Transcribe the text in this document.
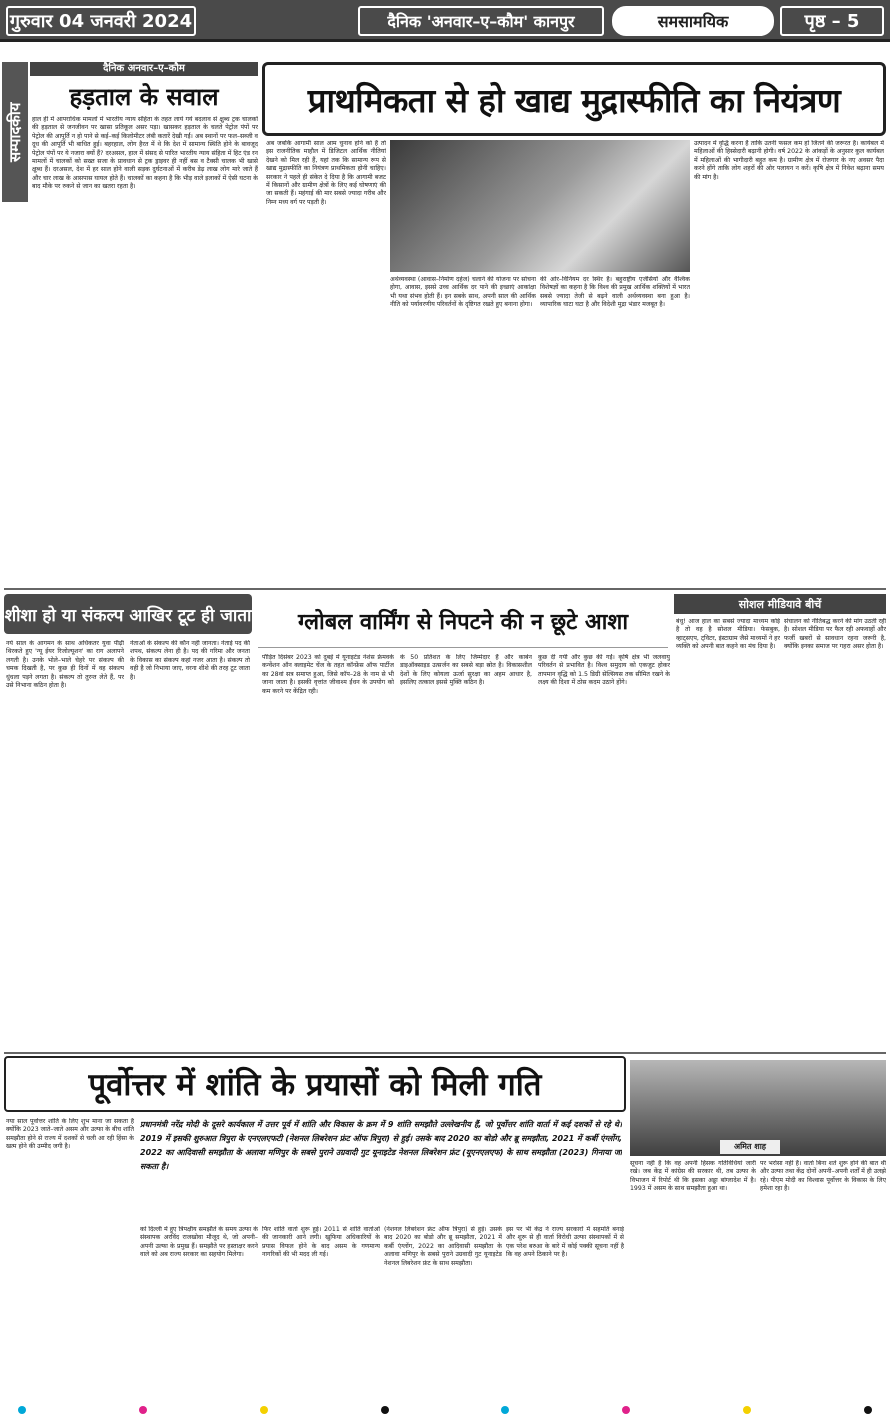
गुरुवार 04 जनवरी 2024	दैनिक 'अनवार–ए–कौम' कानपुर	समसामयिक	पृष्ठ – 5
सम्पादकीय
दैनिक अनवार–ए–कौम
हड़ताल के सवाल
हाल ही में आपराधिक मामलों में भारतीय न्याय संहिता के तहत लाये गये बदलाव से क्षुब्ध ट्रक चालकों की हड़ताल से जनजीवन पर खासा प्रतिकूल असर पड़ा। खासकर हड़ताल के चलते पेट्रोल पंपों पर पेट्रोल की आपूर्ति न हो पाने से कई–कई किलोमीटर लंबी कतारें देखी गईं। अब स्थानों पर फल–सब्जी व दूध की आपूर्ति भी बाधित हुई। बहरहाल, लोग हैरत में थे कि देश में सामान्य स्थिति होने के बावजूद पेट्रोल पंपों पर ये नजारा क्यों हैं? दरअसल, हाल में संसद से पारित भारतीय न्याय संहिता में हिट एंड रन मामलों में चालकों को सख्त सजा के प्रावधान से ट्रक ड्राइवर ही नहीं बस व टैक्सी चालक भी खासे क्षुब्ध हैं। दरअसल, देश में हर साल होने वाली सड़क दुर्घटनाओं में करीब डेढ़ लाख लोग मारे जाते हैं और चार लाख के आसपास घायल होते हैं। चालकों का कहना है कि भीड़ वाले इलाकों में ऐसी घटना के बाद मौके पर रुकने से जान का खतरा रहता है।
प्राथमिकता से हो खाद्य मुद्रास्फीति का नियंत्रण
अब जबकि आगामी साल आम चुनाव होने को है तो इस राजनीतिक माहौल में डिजिटल आर्थिक नीतियां देखने को मिल रही हैं, यहां तक कि सामान्य रूप से खाद्य मुद्रास्फीति का नियंत्रण प्राथमिकता होनी चाहिए। सरकार ने पहले ही संकेत दे दिया है कि आगामी बजट में किसानों और ग्रामीण क्षेत्रों के लिए कई घोषणाएं की जा सकती हैं। महंगाई की मार सबसे ज्यादा गरीब और निम्न मध्य वर्ग पर पड़ती है।
अर्थव्यवस्था (आवास–निर्माण दहेज) चलाने की योजना पर सोचना होगा, आवास, इससे उच्च आर्थिक दर पाने की इच्छाएं आकांक्षा भी यथा संभव होती हैं। इन सबके साथ, अपनी साल की आर्थिक नीति को पर्यावरणीय परिवर्तनों के दृष्टिगत रखते हुए बनाना होगा।
की ओर–विनियम दर स्थिर है। बहुराष्ट्रीय एजेंसियों और वैश्विक विशेषज्ञों का कहना है कि विश्व की प्रमुख आर्थिक शक्तियों में भारत सबसे ज्यादा तेजी से बढ़ने वाली अर्थव्यवस्था बना हुआ है। व्यापारिक घाटा घटा है और विदेशी मुद्रा भंडार मजबूत है।
उत्पादन में वृद्धि करना है ताकि उतनी फसल कम हो जितने की जरूरत है। कार्यबल में महिलाओं की हिस्सेदारी बढ़ानी होगी। वर्ष 2022 के आंकड़ों के अनुसार कुल कार्यबल में महिलाओं की भागीदारी बहुत कम है। ग्रामीण क्षेत्र में रोजगार के नए अवसर पैदा करने होंगे ताकि लोग शहरों की ओर पलायन न करें। कृषि क्षेत्र में निवेश बढ़ाना समय की मांग है।
शीशा हो या संकल्प आखिर टूट ही जाता
नये साल के आगमन के साथ अधिकतर युवा पीढ़ी थिरकते हुए 'न्यू ईयर रिजोल्यूशन' का राग अलापने लगती है। उनके भोले–भाले चेहरे पर संकल्प की चमक दिखती है, पर कुछ ही दिनों में वह संकल्प धुंधला पड़ने लगता है। संकल्प तो तुरन्त लेते हैं, पर उसे निभाना कठिन होता है।
नेताओं के संकल्प की कौन नहीं जानता। नेताई पद की शपथ, संकल्प लेना ही है। पद की गरिमा और जनता के विकास का संकल्प कहां नजर आता है। संकल्प तो वही है जो निभाया जाए, वरना शीशे की तरह टूट जाता है।
ग्लोबल वार्मिंग से निपटने की न छूटे आशा
पौड़ित दिसंबर 2023 को दुबई में यूनाइटेड नेशंस फ्रेमवर्क कन्वेंशन ऑन क्लाइमेट चेंज के तहत कॉन्फ्रेंस ऑफ पार्टीज का 28वां सत्र समाप्त हुआ, जिसे कॉप–28 के नाम से भी जाना जाता है। इसकी वृत्तांत जीवाश्म ईंधन के उपयोग को कम करने पर केंद्रित रही।
के 50 प्रतिशत के लिए जिम्मेदार हैं और कार्बन डाइऑक्साइड उत्सर्जन का सबसे बड़ा स्रोत है। विकासशील देशों के लिए कोयला ऊर्जा सुरक्षा का अहम आधार है, इसलिए तत्काल इससे मुक्ति कठिन है।
कुछ दी गयी और कुछ की गईं। कृषि क्षेत्र भी जलवायु परिवर्तन से प्रभावित है। विश्व समुदाय को एकजुट होकर तापमान वृद्धि को 1.5 डिग्री सेल्सियस तक सीमित रखने के लक्ष्य की दिशा में ठोस कदम उठाने होंगे।
सोशल मीडियावे बीचें
बंधु! आज हाल का सबसे ज्यादा माध्यम कोई है तो वह है सोशल मीडिया। फेसबुक, व्हाट्सएप, ट्विटर, इंस्टाग्राम जैसे माध्यमों ने हर व्यक्ति को अपनी बात कहने का मंच दिया है।
संचालन को नीतिबद्ध करने की मांग उठती रही है। सोशल मीडिया पर फैल रही अफवाहों और फर्जी खबरों से सावधान रहना जरूरी है, क्योंकि इनका समाज पर गहरा असर होता है।
पूर्वोत्तर में शांति के प्रयासों को मिली गति
प्रधानमंत्री नरेंद्र मोदी के दूसरे कार्यकाल में उत्तर पूर्व में शांति और विकास के क्रम में 9 शांति समझौते उल्लेखनीय हैं, जो पूर्वोत्तर शांति वार्ता में कई दशकों से रहे थे। 2019 में इसकी शुरुआत त्रिपुरा के एनएलएफटी (नेशनल लिबरेशन फ्रंट ऑफ त्रिपुरा) से हुई। उसके बाद 2020 का बोडो और ब्रू समझौता, 2021 में कर्बी एंग्लोंग, 2022 का आदिवासी समझौता के अलावा मणिपुर के सबसे पुराने उग्रवादी गुट यूनाइटेड नेशनल लिबरेशन फ्रंट (यूएनएलएफ) के साथ समझौता (2023) गिनाया जा सकता है।
नया साल पूर्वोत्तर शांति के लिए शुभ माना जा सकता है क्योंकि 2023 जाते–जाते असम और उल्फा के बीच शांति समझौता होने से राज्य में दशकों से चली आ रही हिंसा के खत्म होने की उम्मीद जगी है।
को दिल्ली में हुए त्रिपक्षीय समझौते के समय उल्फा के संस्थापक अरविंद राजखोवा मौजूद थे, जो अपनी–अपनी उल्फा के प्रमुख हैं। समझौते पर हस्ताक्षर करने वाले को अब राज्य सरकार का सहयोग मिलेगा।
फिर शांति वार्ता शुरू हुई। 2011 से शांति वार्ताओं की जानकारी आने लगी। खुफिया अधिकारियों के प्रयास विफल होने के बाद असम के गणमान्य नागरिकों की भी मदद ली गई।
(नेशनल लिबरेशन फ्रंट ऑफ त्रिपुरा) से हुई। उसके बाद 2020 का बोडो और ब्रू समझौता, 2021 में कर्बी एंग्लोंग, 2022 का आदिवासी समझौता के अलावा मणिपुर के सबसे पुराने उग्रवादी गुट यूनाइटेड नेशनल लिबरेशन फ्रंट के साथ समझौता।
इस पर भी केंद्र ने राज्य सरकारों में सहमति बनाई और शुरू से ही वार्ता विरोधी उल्फा संस्थापकों में से एक परेश बरुआ के बारे में कोई पक्की सूचना नहीं है कि वह अपने ठिकाने पर है।
अमित शाह
सूचना नहीं है कि वह अपनी हिंसक गतिविधियां जारी रखे। जब केंद्र में कांग्रेस की सरकार थी, तब उल्फा के विभाजन में रिपोर्ट थी कि इसका अड्डा बांग्लादेश में है। 1993 में असम के साथ समझौता हुआ था।
पर भरोसा नहीं है। वार्ता बिना शर्त शुरू होने की बात थी और उल्फा तथा केंद्र दोनों अपनी–अपनी शर्तों में ही उलझे रहे। पीएम मोदी का विश्वास पूर्वोत्तर के विकास के लिए हमेशा रहा है।
